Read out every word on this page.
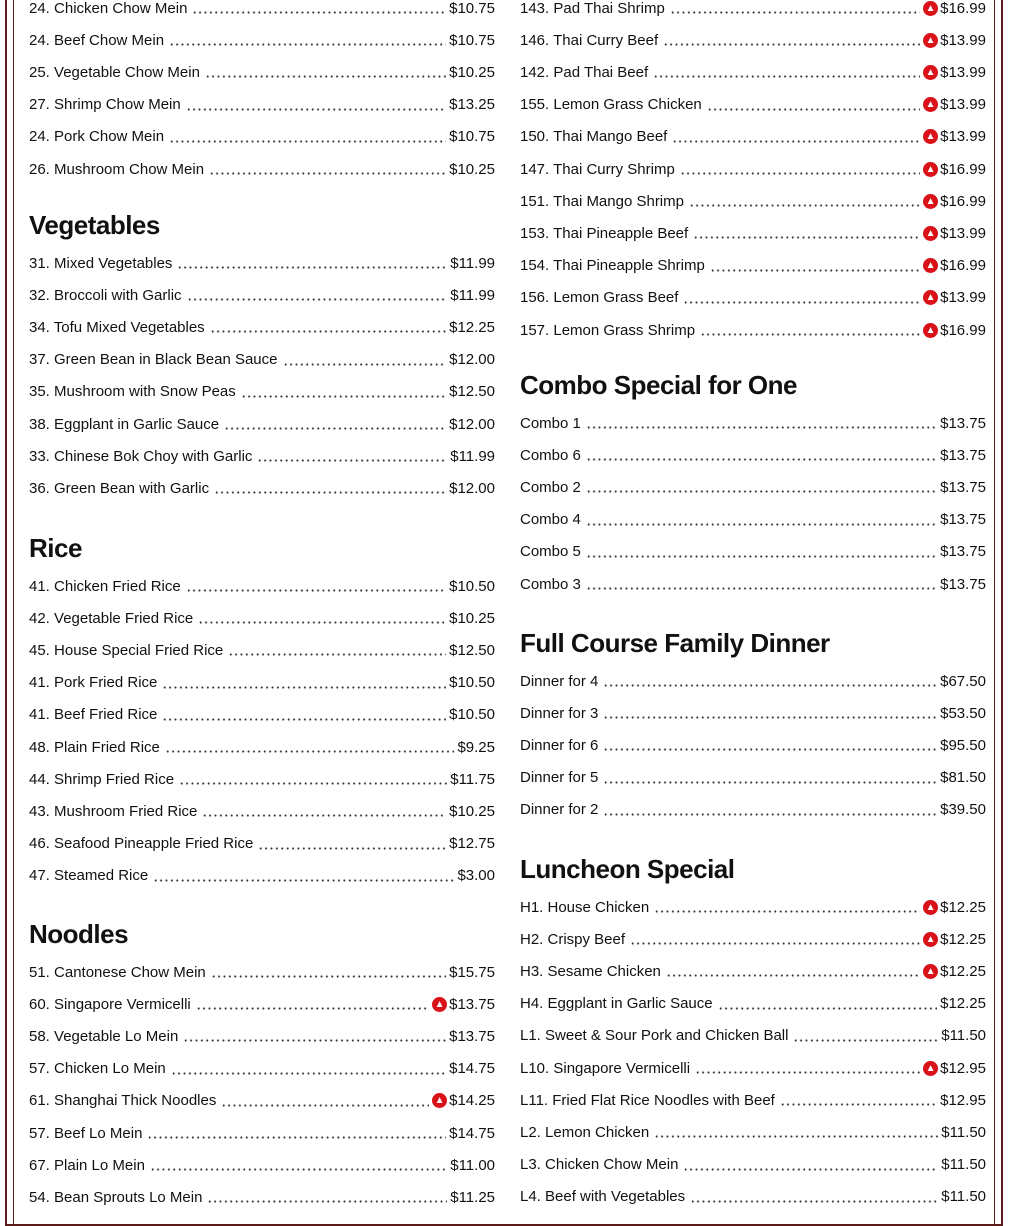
24. Chicken Chow Mein	$10.75
24. Beef Chow Mein	$10.75
25. Vegetable Chow Mein	$10.25
27. Shrimp Chow Mein	$13.25
24. Pork Chow Mein	$10.75
26. Mushroom Chow Mein	$10.25
Vegetables
31. Mixed Vegetables	$11.99
32. Broccoli with Garlic	$11.99
34. Tofu Mixed Vegetables	$12.25
37. Green Bean in Black Bean Sauce	$12.00
35. Mushroom with Snow Peas	$12.50
38. Eggplant in Garlic Sauce	$12.00
33. Chinese Bok Choy with Garlic	$11.99
36. Green Bean with Garlic	$12.00
Rice
41. Chicken Fried Rice	$10.50
42. Vegetable Fried Rice	$10.25
45. House Special Fried Rice	$12.50
41. Pork Fried Rice	$10.50
41. Beef Fried Rice	$10.50
48. Plain Fried Rice	$9.25
44. Shrimp Fried Rice	$11.75
43. Mushroom Fried Rice	$10.25
46. Seafood Pineapple Fried Rice	$12.75
47. Steamed Rice	$3.00
Noodles
51. Cantonese Chow Mein	$15.75
60. Singapore Vermicelli	▲ $13.75
58. Vegetable Lo Mein	$13.75
57. Chicken Lo Mein	$14.75
61. Shanghai Thick Noodles	▲ $14.25
57. Beef Lo Mein	$14.75
67. Plain Lo Mein	$11.00
54. Bean Sprouts Lo Mein	$11.25
143. Pad Thai Shrimp	▲ $16.99
146. Thai Curry Beef	▲ $13.99
142. Pad Thai Beef	▲ $13.99
155. Lemon Grass Chicken	▲ $13.99
150. Thai Mango Beef	▲ $13.99
147. Thai Curry Shrimp	▲ $16.99
151. Thai Mango Shrimp	▲ $16.99
153. Thai Pineapple Beef	▲ $13.99
154. Thai Pineapple Shrimp	▲ $16.99
156. Lemon Grass Beef	▲ $13.99
157. Lemon Grass Shrimp	▲ $16.99
Combo Special for One
Combo 1	$13.75
Combo 6	$13.75
Combo 2	$13.75
Combo 4	$13.75
Combo 5	$13.75
Combo 3	$13.75
Full Course Family Dinner
Dinner for 4	$67.50
Dinner for 3	$53.50
Dinner for 6	$95.50
Dinner for 5	$81.50
Dinner for 2	$39.50
Luncheon Special
H1. House Chicken	▲ $12.25
H2. Crispy Beef	▲ $12.25
H3. Sesame Chicken	▲ $12.25
H4. Eggplant in Garlic Sauce	$12.25
L1. Sweet & Sour Pork and Chicken Ball	$11.50
L10. Singapore Vermicelli	▲ $12.95
L11. Fried Flat Rice Noodles with Beef	$12.95
L2. Lemon Chicken	$11.50
L3. Chicken Chow Mein	$11.50
L4. Beef with Vegetables	$11.50
